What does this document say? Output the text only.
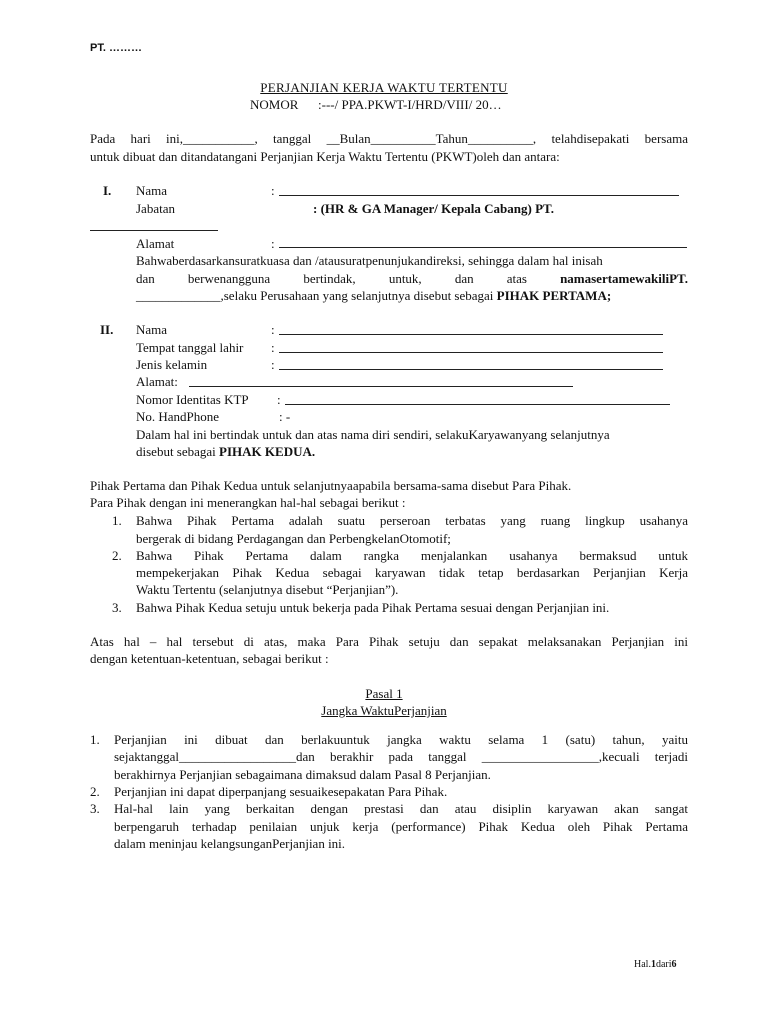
PT. ………
PERJANJIAN KERJA WAKTU TERTENTU
NOMOR :---/ PPA.PKWT-I/HRD/VIII/ 20…
Pada hari ini,___________, tanggal __Bulan__________Tahun__________, telahdisepakati bersama
untuk dibuat dan ditandatangani Perjanjian Kerja Waktu Tertentu (PKWT)oleh dan antara:
I. Nama	:
Jabatan	: (HR & GA Manager/ Kepala Cabang) PT.
Alamat	:
Bahwaberdasarkansuratkuasa dan /atausuratpenunjukandireksi, sehingga dalam hal inisah
dan	berwenangguna	bertindak,	untuk,	dan	atas	namasertamewakiliPT.
_____________,selaku Perusahaan yang selanjutnya disebut sebagai PIHAK PERTAMA;
II. Nama	:
Tempat tanggal lahir :
Jenis kelamin	:
Alamat:
Nomor Identitas KTP :
No. HandPhone	: -
Dalam hal ini bertindak untuk dan atas nama diri sendiri, selakuKaryawanyang selanjutnya
disebut sebagai PIHAK KEDUA.
Pihak Pertama dan Pihak Kedua untuk selanjutnyaapabila bersama-sama disebut Para Pihak.
Para Pihak dengan ini menerangkan hal-hal sebagai berikut :
1. Bahwa Pihak Pertama adalah suatu perseroan terbatas yang ruang lingkup usahanya
bergerak di bidang Perdagangan dan PerbengkelanOtomotif;
2. Bahwa Pihak Pertama dalam rangka menjalankan usahanya bermaksud untuk
mempekerjakan Pihak Kedua sebagai karyawan tidak tetap berdasarkan Perjanjian Kerja
Waktu Tertentu (selanjutnya disebut “Perjanjian”).
3. Bahwa Pihak Kedua setuju untuk bekerja pada Pihak Pertama sesuai dengan Perjanjian ini.
Atas hal – hal tersebut di atas, maka Para Pihak setuju dan sepakat melaksanakan Perjanjian ini
dengan ketentuan-ketentuan, sebagai berikut :
Pasal 1
Jangka WaktuPerjanjian
1. Perjanjian ini dibuat dan berlakuuntuk jangka waktu selama 1 (satu) tahun, yaitu
sejaktanggal__________________dan berakhir pada tanggal __________________,kecuali terjadi
berakhirnya Perjanjian sebagaimana dimaksud dalam Pasal 8 Perjanjian.
2. Perjanjian ini dapat diperpanjang sesuaikesepakatan Para Pihak.
3. Hal-hal lain yang berkaitan dengan prestasi dan atau disiplin karyawan akan sangat
berpengaruh terhadap penilaian unjuk kerja (performance) Pihak Kedua oleh Pihak Pertama
dalam meninjau kelangsunganPerjanjian ini.
Hal.1dari6
